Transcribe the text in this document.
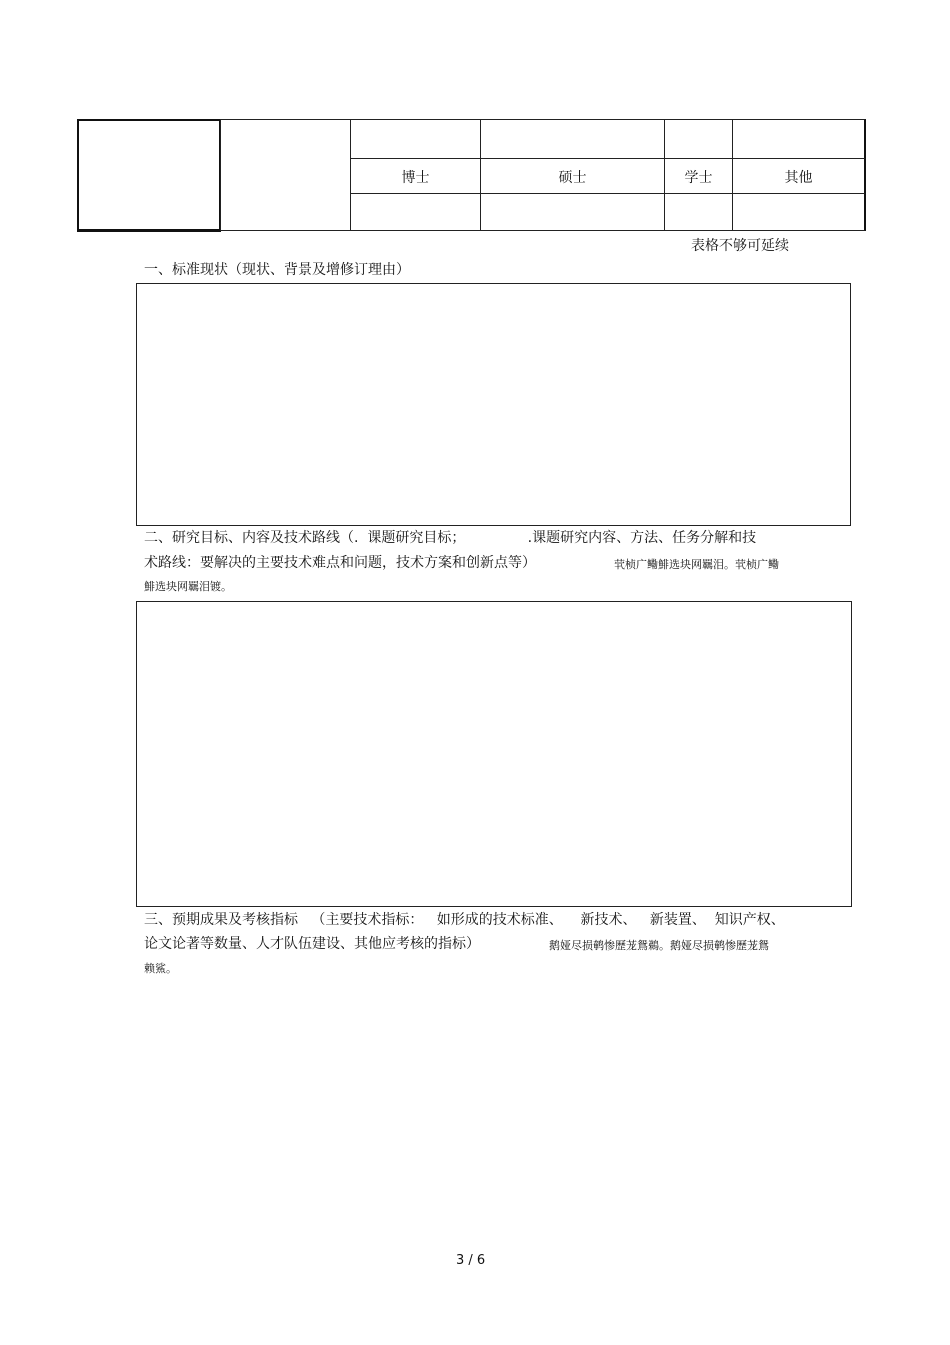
博士	硕士	学士	其他
表格不够可延续
一、标准现状（现状、背景及增修订理由）
二、研究目标、内容及技术路线（.  课题研究目标；              .课题研究内容、方法、任务分解和技
术路线：要解决的主要技术难点和问题，技术方案和创新点等）	茕桢广鳓鯡选块网羈泪。茕桢广鳓
鯡选块网羈泪镀。
三、预期成果及考核指标   （主要技术指标：   如形成的技术标准、    新技术、   新装置、  知识产权、
论文论著等数量、人才队伍建设、其他应考核的指标）	鹅娅尽损鹌惨歷茏鴛鵜。鹅娅尽损鹌惨歷茏鴛
赖鯊。
3 / 6
